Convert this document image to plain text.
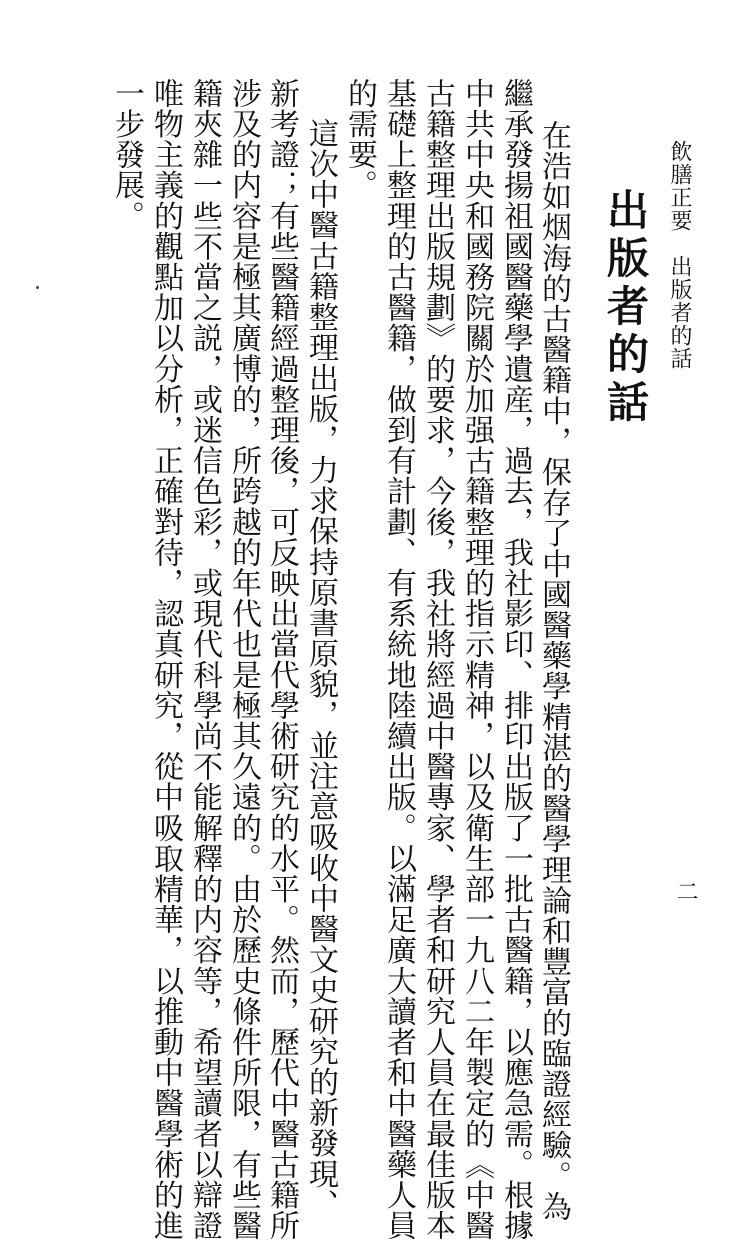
飲膳正要　出版者的話
二
出版者的話
在浩如烟海的古醫籍中，保存了中國醫藥學精湛的醫學理論和豐富的臨證經驗。為
繼承發揚祖國醫藥學遺産，過去，我社影印、排印出版了一批古醫籍，以應急需。根據
中共中央和國務院關於加强古籍整理的指示精神，以及衛生部一九八二年製定的《中醫
古籍整理出版規劃》的要求，今後，我社將經過中醫專家、學者和研究人員在最佳版本
基礎上整理的古醫籍，做到有計劃、有系統地陸續出版。以滿足廣大讀者和中醫藥人員
的需要。
這次中醫古籍整理出版，力求保持原書原貌，並注意吸收中醫文史研究的新發現、
新考證；有些醫籍經過整理後，可反映出當代學術研究的水平。然而，歷代中醫古籍所
涉及的内容是極其廣博的，所跨越的年代也是極其久遠的。由於歷史條件所限，有些醫
籍夾雜一些不當之説，或迷信色彩，或現代科學尚不能解釋的内容等，希望讀者以辯證
唯物主義的觀點加以分析，正確對待，認真研究，從中吸取精華，以推動中醫學術的進
一步發展。
